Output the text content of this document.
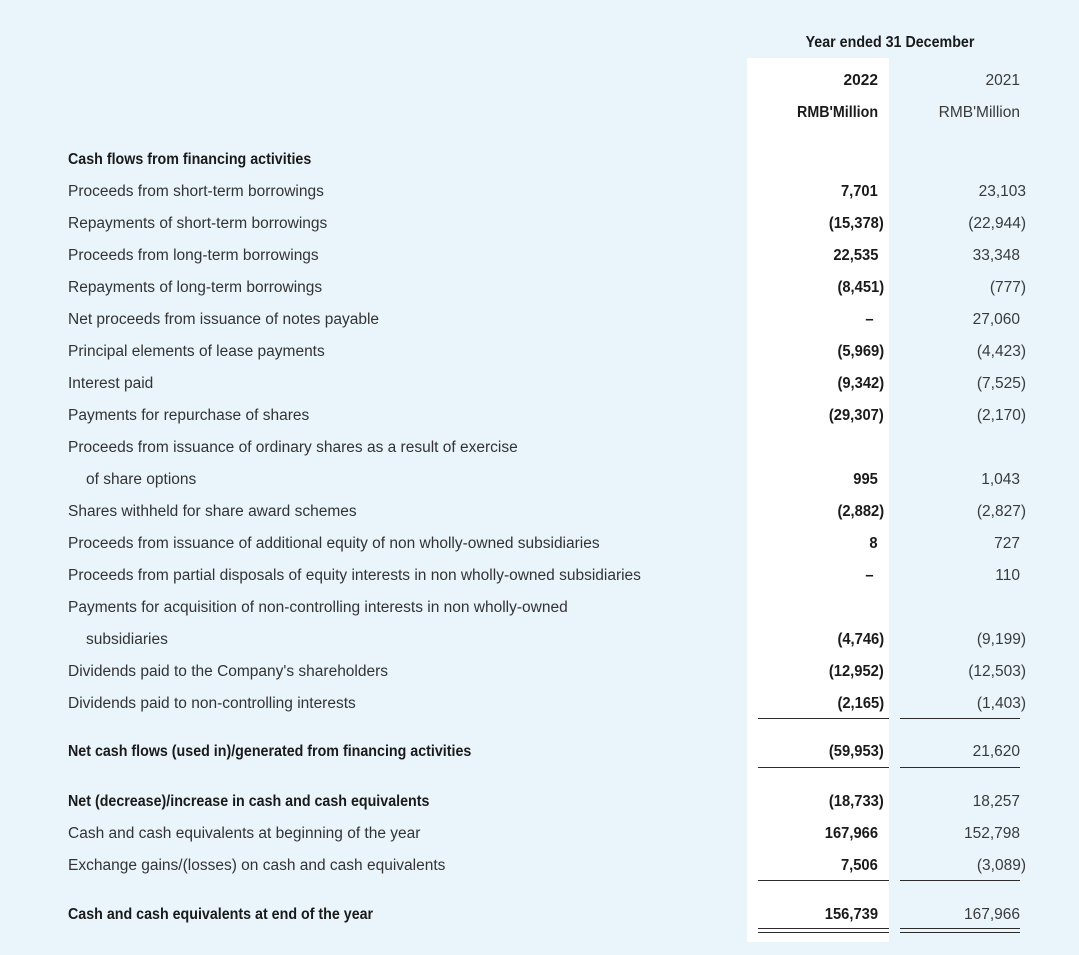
Year ended 31 December
2022	2021
RMB'Million	RMB'Million
Cash flows from financing activities
Proceeds from short-term borrowings	7,701	23,103
Repayments of short-term borrowings	(15,378)	(22,944)
Proceeds from long-term borrowings	22,535	33,348
Repayments of long-term borrowings	(8,451)	(777)
Net proceeds from issuance of notes payable	–	27,060
Principal elements of lease payments	(5,969)	(4,423)
Interest paid	(9,342)	(7,525)
Payments for repurchase of shares	(29,307)	(2,170)
Proceeds from issuance of ordinary shares as a result of exercise
of share options	995	1,043
Shares withheld for share award schemes	(2,882)	(2,827)
Proceeds from issuance of additional equity of non wholly-owned subsidiaries	8	727
Proceeds from partial disposals of equity interests in non wholly-owned subsidiaries	–	110
Payments for acquisition of non-controlling interests in non wholly-owned
subsidiaries	(4,746)	(9,199)
Dividends paid to the Company's shareholders	(12,952)	(12,503)
Dividends paid to non-controlling interests	(2,165)	(1,403)
Net cash flows (used in)/generated from financing activities	(59,953)	21,620
Net (decrease)/increase in cash and cash equivalents	(18,733)	18,257
Cash and cash equivalents at beginning of the year	167,966	152,798
Exchange gains/(losses) on cash and cash equivalents	7,506	(3,089)
Cash and cash equivalents at end of the year	156,739	167,966
